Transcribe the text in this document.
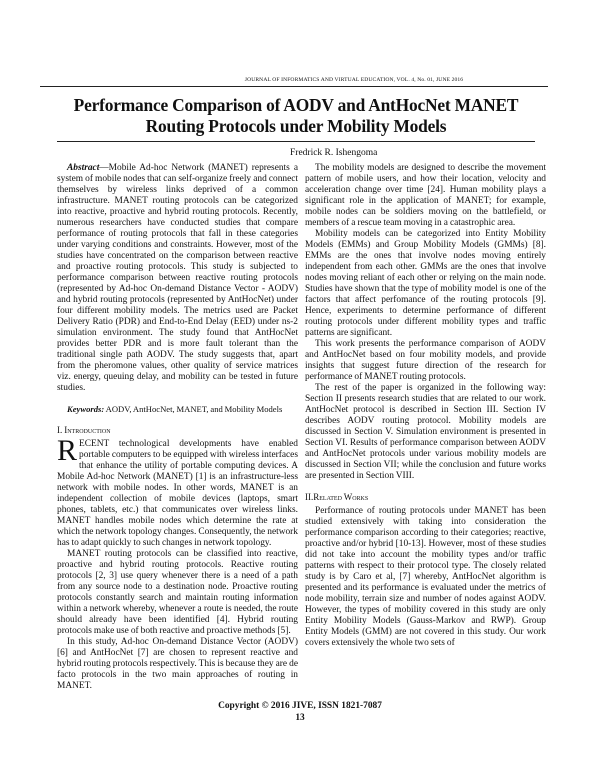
JOURNAL OF INFORMATICS AND VIRTUAL EDUCATION, VOL. 4, No. 01, JUNE 2016
Performance Comparison of AODV and AntHocNet MANET
Routing Protocols under Mobility Models
Fredrick R. Ishengoma

Abstract—Mobile Ad-hoc Network (MANET) represents a system of mobile nodes that can self-organize freely and connect themselves by wireless links deprived of a common infrastructure. MANET routing protocols can be categorized into reactive, proactive and hybrid routing protocols. Recently, numerous researchers have conducted studies that compare performance of routing protocols that fall in these categories under varying conditions and constraints. However, most of the studies have concentrated on the comparison between reactive and proactive routing protocols. This study is subjected to performance comparison between reactive routing protocols (represented by Ad-hoc On-demand Distance Vector - AODV) and hybrid routing protocols (represented by AntHocNet) under four different mobility models. The metrics used are Packet Delivery Ratio (PDR) and End-to-End Delay (EED) under ns-2 simulation environment. The study found that AntHocNet provides better PDR and is more fault tolerant than the traditional single path AODV. The study suggests that, apart from the pheromone values, other quality of service matrices viz. energy, queuing delay, and mobility can be tested in future studies.

Keywords: AODV, AntHocNet, MANET, and Mobility Models

I. Introduction

RECENT technological developments have enabled portable computers to be equipped with wireless interfaces that enhance the utility of portable computing devices. A Mobile Ad-hoc Network (MANET) [1] is an infrastructure-less network with mobile nodes. In other words, MANET is an independent collection of mobile devices (laptops, smart phones, tablets, etc.) that communicates over wireless links. MANET handles mobile nodes which determine the rate at which the network topology changes. Consequently, the network has to adapt quickly to such changes in network topology.

MANET routing protocols can be classified into reactive, proactive and hybrid routing protocols. Reactive routing protocols [2, 3] use query whenever there is a need of a path from any source node to a destination node. Proactive routing protocols constantly search and maintain routing information within a network whereby, whenever a route is needed, the route should already have been identified [4]. Hybrid routing protocols make use of both reactive and proactive methods [5].

In this study, Ad-hoc On-demand Distance Vector (AODV) [6] and AntHocNet [7] are chosen to represent reactive and hybrid routing protocols respectively. This is because they are de facto protocols in the two main approaches of routing in MANET.

The mobility models are designed to describe the movement pattern of mobile users, and how their location, velocity and acceleration change over time [24]. Human mobility plays a significant role in the application of MANET; for example, mobile nodes can be soldiers moving on the battlefield, or members of a rescue team moving in a catastrophic area.

Mobility models can be categorized into Entity Mobility Models (EMMs) and Group Mobility Models (GMMs) [8]. EMMs are the ones that involve nodes moving entirely independent from each other. GMMs are the ones that involve nodes moving reliant of each other or relying on the main node. Studies have shown that the type of mobility model is one of the factors that affect perfomance of the routing protocols [9]. Hence, experiments to determine performance of different routing protocols under different mobility types and traffic patterns are significant.

This work presents the performance comparison of AODV and AntHocNet based on four mobility models, and provide insights that suggest future direction of the research for performance of MANET routing protocols.

The rest of the paper is organized in the following way: Section II presents research studies that are related to our work. AntHocNet protocol is described in Section III. Section IV describes AODV routing protocol. Mobility models are discussed in Section V. Simulation environment is presented in Section VI. Results of performance comparison between AODV and AntHocNet protocols under various mobility models are discussed in Section VII; while the conclusion and future works are presented in Section VIII.

II.Related Works

Performance of routing protocols under MANET has been studied extensively with taking into consideration the performance comparison according to their categories; reactive, proactive and/or hybrid [10-13]. However, most of these studies did not take into account the mobility types and/or traffic patterns with respect to their protocol type. The closely related study is by Caro et al, [7] whereby, AntHocNet algorithm is presented and its performance is evaluated under the metrics of node mobility, terrain size and number of nodes against AODV. However, the types of mobility covered in this study are only Entity Mobility Models (Gauss-Markov and RWP). Group Entity Models (GMM) are not covered in this study. Our work covers extensively the whole two sets of

Copyright © 2016 JIVE, ISSN 1821-7087
13
